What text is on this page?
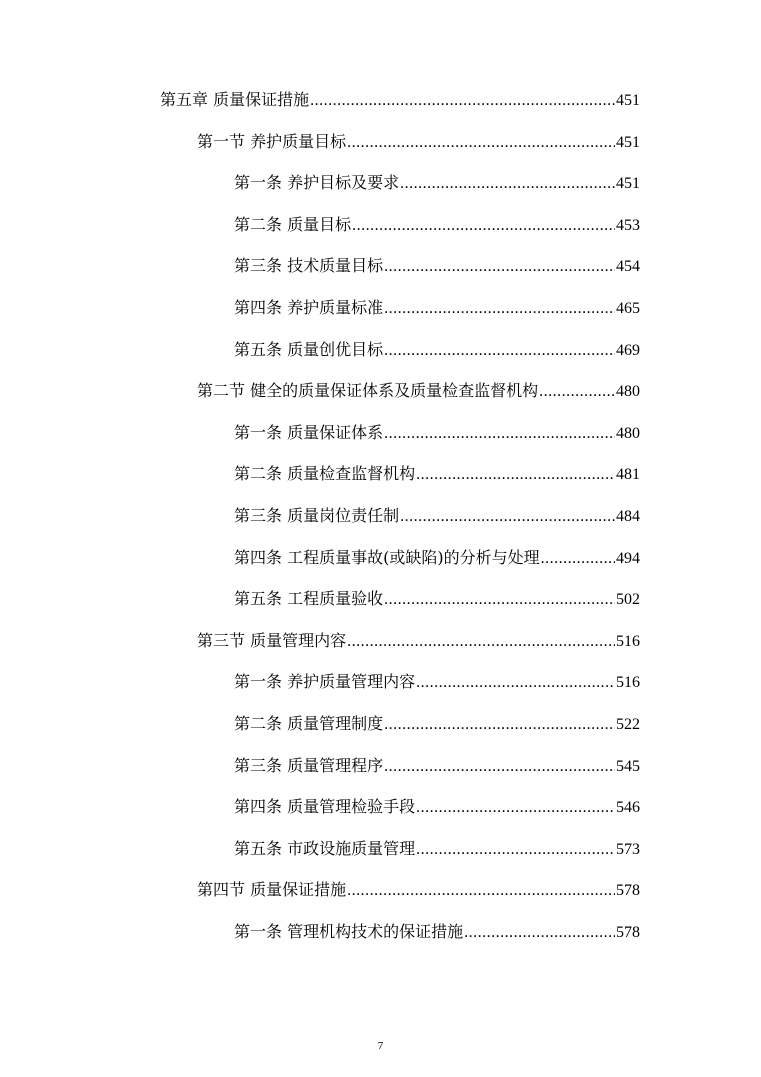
第五章 质量保证措施 .....	451
第一节 养护质量目标 .....	451
第一条 养护目标及要求 .....	451
第二条 质量目标 .....	453
第三条 技术质量目标 .....	454
第四条 养护质量标准 .....	465
第五条 质量创优目标 .....	469
第二节 健全的质量保证体系及质量检查监督机构 .....	480
第一条 质量保证体系 .....	480
第二条 质量检查监督机构 .....	481
第三条 质量岗位责任制 .....	484
第四条 工程质量事故(或缺陷)的分析与处理 .....	494
第五条 工程质量验收 .....	502
第三节 质量管理内容 .....	516
第一条 养护质量管理内容 .....	516
第二条 质量管理制度 .....	522
第三条 质量管理程序 .....	545
第四条 质量管理检验手段 .....	546
第五条 市政设施质量管理 .....	573
第四节 质量保证措施 .....	578
第一条 管理机构技术的保证措施 .....	578
7
